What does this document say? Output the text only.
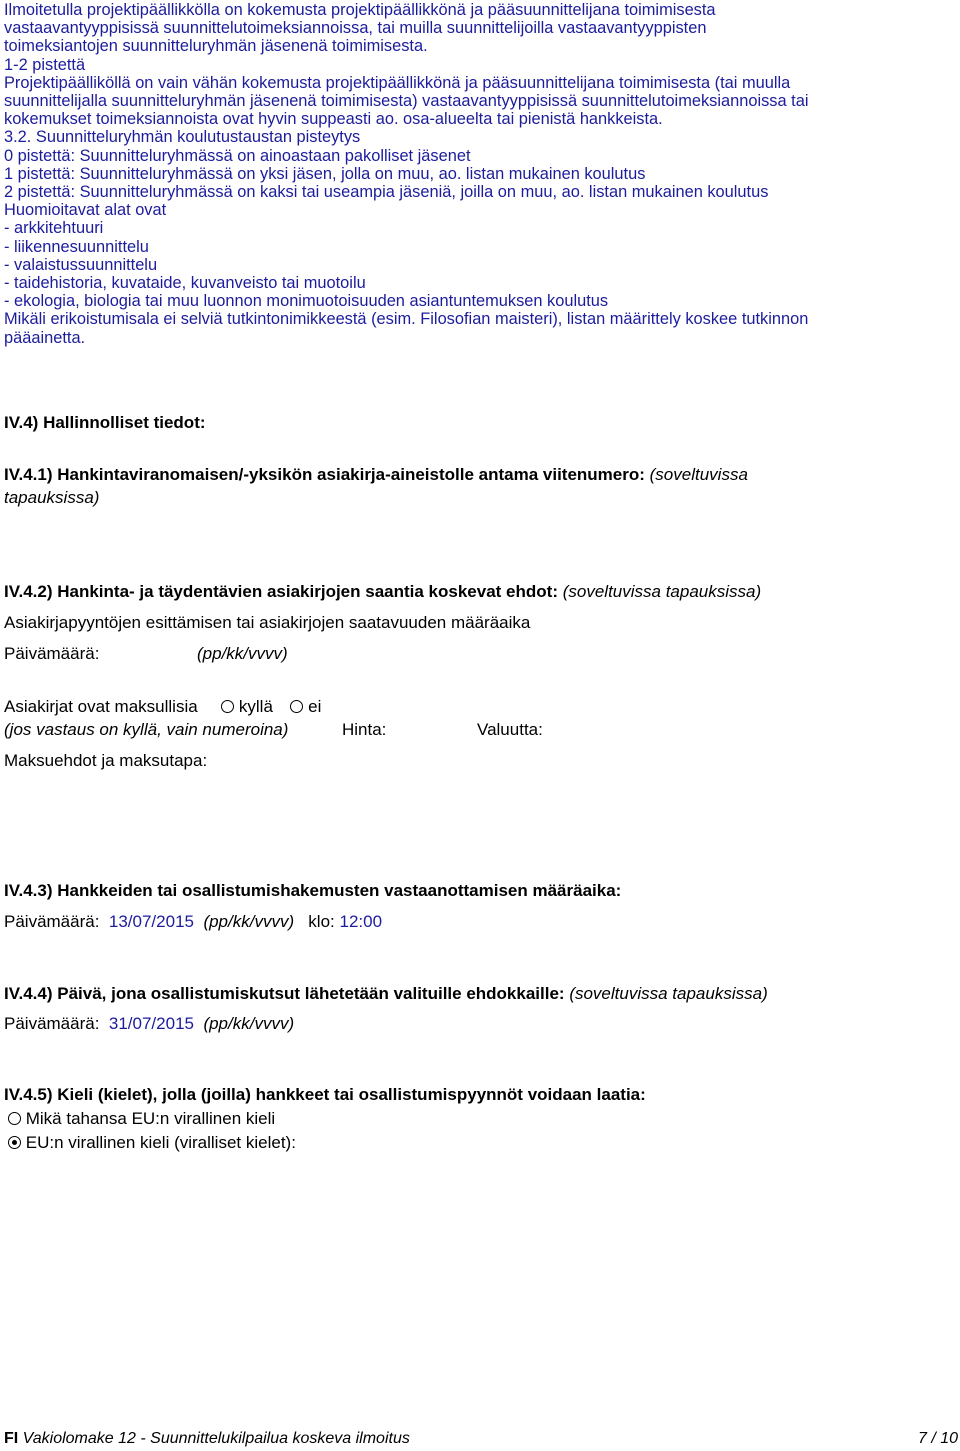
Ilmoitetulla projektipäällikkölla on kokemusta projektipäällikkönä ja pääsuunnittelijana toimimisesta
vastaavantyyppisissä suunnittelutoimeksiannoissa, tai muilla suunnittelijoilla vastaavantyyppisten
toimeksiantojen suunnitteluryhmän jäsenenä toimimisesta.
1-2 pistettä
Projektipäälliköllä on vain vähän kokemusta projektipäällikkönä ja pääsuunnittelijana toimimisesta (tai muulla
suunnittelijalla suunnitteluryhmän jäsenenä toimimisesta) vastaavantyyppisissä suunnittelutoimeksiannoissa tai
kokemukset toimeksiannoista ovat hyvin suppeasti ao. osa-alueelta tai pienistä hankkeista.
3.2. Suunnitteluryhmän koulutustaustan pisteytys
0 pistettä: Suunnitteluryhmässä on ainoastaan pakolliset jäsenet
1 pistettä: Suunnitteluryhmässä on yksi jäsen, jolla on muu, ao. listan mukainen koulutus
2 pistettä: Suunnitteluryhmässä on kaksi tai useampia jäseniä, joilla on muu, ao. listan mukainen koulutus
Huomioitavat alat ovat
- arkkitehtuuri
- liikennesuunnittelu
- valaistussuunnittelu
- taidehistoria, kuvataide, kuvanveisto tai muotoilu
- ekologia, biologia tai muu luonnon monimuotoisuuden asiantuntemuksen koulutus
Mikäli erikoistumisala ei selviä tutkintonimikkeestä (esim. Filosofian maisteri), listan määrittely koskee tutkinnon
pääainetta.
IV.4) Hallinnolliset tiedot:
IV.4.1) Hankintaviranomaisen/-yksikön asiakirja-aineistolle antama viitenumero: (soveltuvissa
tapauksissa)
IV.4.2) Hankinta- ja täydentävien asiakirjojen saantia koskevat ehdot: (soveltuvissa tapauksissa)
Asiakirjapyyntöjen esittämisen tai asiakirjojen saatavuuden määräaika
Päivämäärä:	(pp/kk/vvvv)
Asiakirjat ovat maksullisia kyllä ei
(jos vastaus on kyllä, vain numeroina)	Hinta:	Valuutta:
Maksuehdot ja maksutapa:
IV.4.3) Hankkeiden tai osallistumishakemusten vastaanottamisen määräaika:
Päivämäärä: 13/07/2015 (pp/kk/vvvv) klo: 12:00
IV.4.4) Päivä, jona osallistumiskutsut lähetetään valituille ehdokkaille: (soveltuvissa tapauksissa)
Päivämäärä: 31/07/2015 (pp/kk/vvvv)
IV.4.5) Kieli (kielet), jolla (joilla) hankkeet tai osallistumispyynnöt voidaan laatia:
Mikä tahansa EU:n virallinen kieli
EU:n virallinen kieli (viralliset kielet):
FI Vakiolomake 12 - Suunnittelukilpailua koskeva ilmoitus	7 / 10
